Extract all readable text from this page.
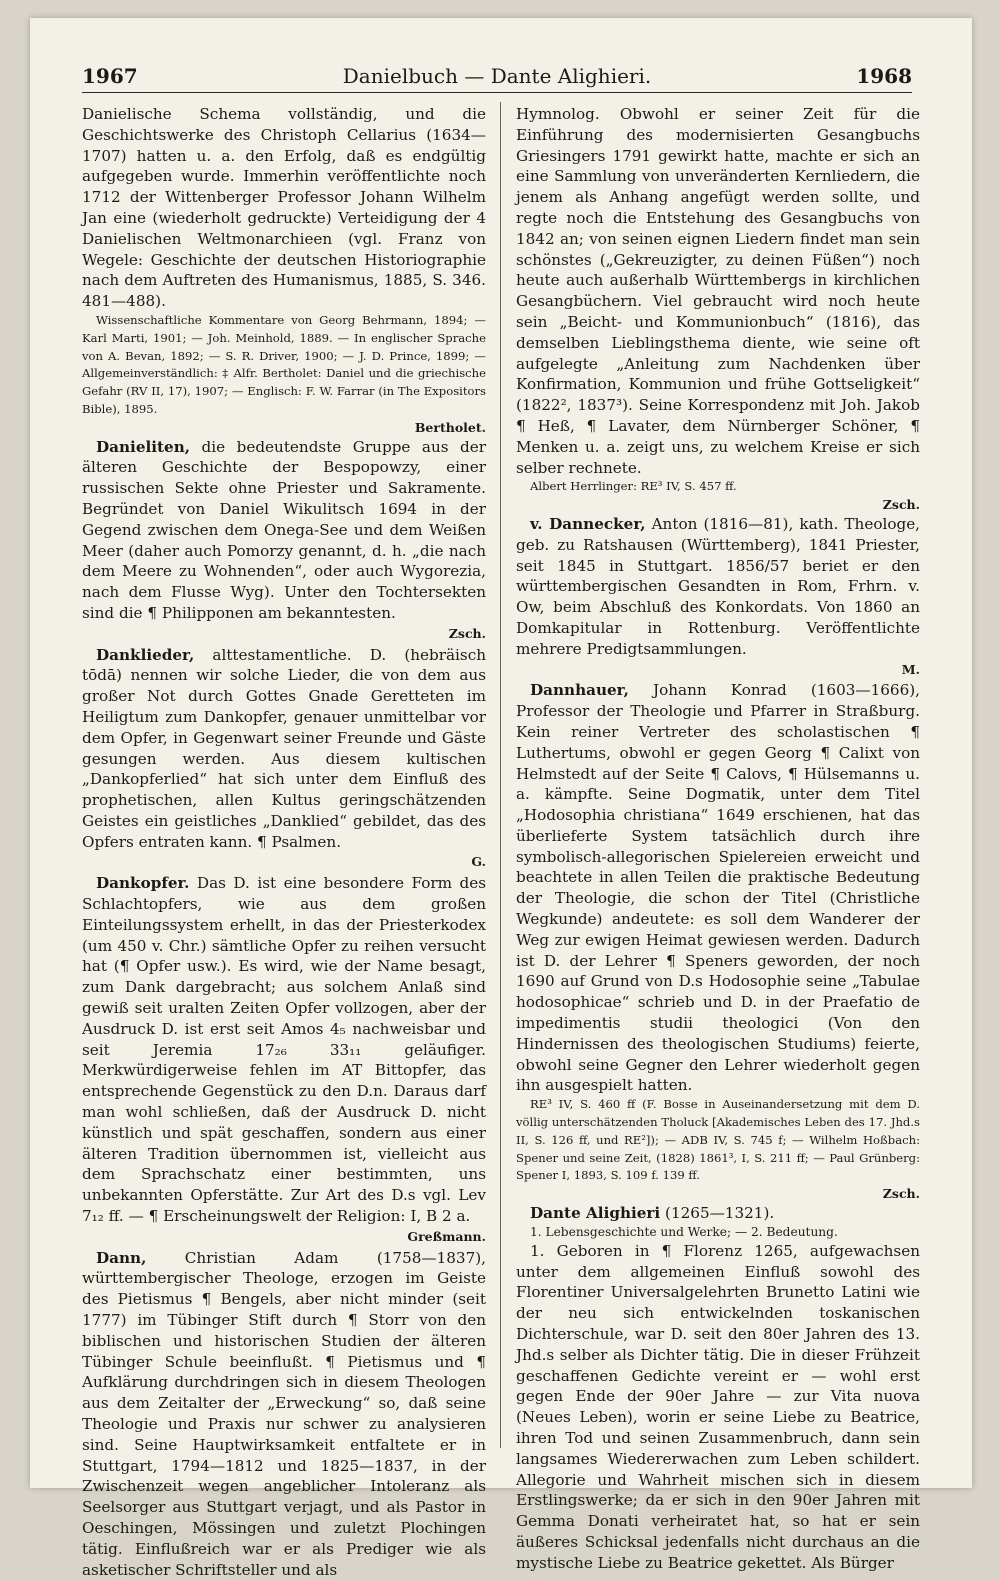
1967	Danielbuch — Dante Alighieri.	1968

Danielische Schema vollständig, und die Geschichtswerke des Christoph Cellarius (1634—1707) hatten u. a. den Erfolg, daß es endgültig aufgegeben wurde. Immerhin veröffentlichte noch 1712 der Wittenberger Professor Johann Wilhelm Jan eine (wiederholt gedruckte) Verteidigung der 4 Danielischen Weltmonarchieen (vgl. Franz von Wegele: Geschichte der deutschen Historiographie nach dem Auftreten des Humanismus, 1885, S. 346. 481—488).

Wissenschaftliche Kommentare von Georg Behrmann, 1894; — Karl Marti, 1901; — Joh. Meinhold, 1889. — In englischer Sprache von A. Bevan, 1892; — S. R. Driver, 1900; — J. D. Prince, 1899; — Allgemeinverständlich: ‡ Alfr. Bertholet: Daniel und die griechische Gefahr (RV II, 17), 1907; — Englisch: F. W. Farrar (in The Expositors Bible), 1895.
Bertholet.

Danieliten, die bedeutendste Gruppe aus der älteren Geschichte der Bespopowzy, einer russischen Sekte ohne Priester und Sakramente. Begründet von Daniel Wikulitsch 1694 in der Gegend zwischen dem Onega-See und dem Weißen Meer (daher auch Pomorzy genannt, d. h. „die nach dem Meere zu Wohnenden“, oder auch Wygorezia, nach dem Flusse Wyg). Unter den Tochtersekten sind die ¶ Philipponen am bekanntesten.
Zsch.

Danklieder, alttestamentliche. D. (hebräisch tōdā) nennen wir solche Lieder, die von dem aus großer Not durch Gottes Gnade Geretteten im Heiligtum zum Dankopfer, genauer unmittelbar vor dem Opfer, in Gegenwart seiner Freunde und Gäste gesungen werden. Aus diesem kultischen „Dankopferlied“ hat sich unter dem Einfluß des prophetischen, allen Kultus geringschätzenden Geistes ein geistliches „Danklied“ gebildet, das des Opfers entraten kann. ¶ Psalmen.
G.

Dankopfer. Das D. ist eine besondere Form des Schlachtopfers, wie aus dem großen Einteilungssystem erhellt, in das der Priesterkodex (um 450 v. Chr.) sämtliche Opfer zu reihen versucht hat (¶ Opfer usw.). Es wird, wie der Name besagt, zum Dank dargebracht; aus solchem Anlaß sind gewiß seit uralten Zeiten Opfer vollzogen, aber der Ausdruck D. ist erst seit Amos 4₅ nachweisbar und seit Jeremia 17₂₆ 33₁₁ geläufiger. Merkwürdigerweise fehlen im AT Bittopfer, das entsprechende Gegenstück zu den D.n. Daraus darf man wohl schließen, daß der Ausdruck D. nicht künstlich und spät geschaffen, sondern aus einer älteren Tradition übernommen ist, vielleicht aus dem Sprachschatz einer bestimmten, uns unbekannten Opferstätte. Zur Art des D.s vgl. Lev 7₁₂ ff. — ¶ Erscheinungswelt der Religion: I, B 2 a.
Greßmann.

Dann,	Christian Adam (1758—1837), württembergischer Theologe, erzogen im Geiste des Pietismus ¶ Bengels, aber nicht minder (seit 1777) im Tübinger Stift durch ¶ Storr von den biblischen und historischen Studien der älteren Tübinger Schule beeinflußt. ¶ Pietismus und ¶ Aufklärung durchdringen sich in diesem Theologen aus dem Zeitalter der „Erweckung“ so, daß seine Theologie und Praxis nur schwer zu analysieren sind. Seine Hauptwirksamkeit entfaltete er in Stuttgart, 1794—1812 und 1825—1837, in der Zwischenzeit wegen angeblicher Intoleranz als Seelsorger aus Stuttgart verjagt, und als Pastor in Oeschingen, Mössingen und zuletzt Plochingen tätig. Einflußreich war er als Prediger wie als asketischer Schriftsteller und als

Hymnolog. Obwohl er seiner Zeit für die Einführung des modernisierten Gesangbuchs Griesingers 1791 gewirkt hatte, machte er sich an eine Sammlung von unveränderten Kernliedern, die jenem als Anhang angefügt werden sollte, und regte noch die Entstehung des Gesangbuchs von 1842 an; von seinen eignen Liedern findet man sein schönstes („Gekreuzigter, zu deinen Füßen“) noch heute auch außerhalb Württembergs in kirchlichen Gesangbüchern. Viel gebraucht wird noch heute sein „Beicht- und Kommunionbuch“ (1816), das demselben Lieblingsthema diente, wie seine oft aufgelegte „Anleitung zum Nachdenken über Konfirmation, Kommunion und frühe Gottseligkeit“ (1822², 1837³). Seine Korrespondenz mit Joh. Jakob ¶ Heß, ¶ Lavater, dem Nürnberger Schöner, ¶ Menken u. a. zeigt uns, zu welchem Kreise er sich selber rechnete.

Albert Herrlinger: RE³ IV, S. 457 ff.
Zsch.

v. Dannecker, Anton (1816—81), kath. Theologe, geb. zu Ratshausen (Württemberg), 1841 Priester, seit 1845 in Stuttgart. 1856/57 beriet er den württembergischen Gesandten in Rom, Frhrn. v. Ow, beim Abschluß des Konkordats. Von 1860 an Domkapitular in Rottenburg. Veröffentlichte mehrere Predigtsammlungen.
M.

Dannhauer, Johann Konrad (1603—1666), Professor der Theologie und Pfarrer in Straßburg. Kein reiner Vertreter des scholastischen ¶ Luthertums, obwohl er gegen Georg ¶ Calixt von Helmstedt auf der Seite ¶ Calovs, ¶ Hülsemanns u. a. kämpfte. Seine Dogmatik, unter dem Titel „Hodosophia christiana“ 1649 erschienen, hat das überlieferte System tatsächlich durch ihre symbolisch-allegorischen Spielereien erweicht und beachtete in allen Teilen die praktische Bedeutung der Theologie, die schon der Titel (Christliche Wegkunde) andeutete: es soll dem Wanderer der Weg zur ewigen Heimat gewiesen werden. Dadurch ist D. der Lehrer ¶ Speners geworden, der noch 1690 auf Grund von D.s Hodosophie seine „Tabulae hodosophicae“ schrieb und D. in der Praefatio de impedimentis studii theologici (Von den Hindernissen des theologischen Studiums) feierte, obwohl seine Gegner den Lehrer wiederholt gegen ihn ausgespielt hatten.

RE³ IV, S. 460 ff (F. Bosse in Auseinandersetzung mit dem D. völlig unterschätzenden Tholuck [Akademisches Leben des 17. Jhd.s II, S. 126 ff, und RE²]); — ADB IV, S. 745 f; — Wilhelm Hoßbach: Spener und seine Zeit, (1828) 1861³, I, S. 211 ff; — Paul Grünberg: Spener I, 1893, S. 109 f. 139 ff.
Zsch.

Dante Alighieri (1265—1321).

1. Lebensgeschichte und Werke; — 2. Bedeutung.

1. Geboren in ¶ Florenz 1265, aufgewachsen unter dem allgemeinen Einfluß sowohl des Florentiner Universalgelehrten Brunetto Latini wie der neu sich entwickelnden toskanischen Dichterschule, war D. seit den 80er Jahren des 13. Jhd.s selber als Dichter tätig. Die in dieser Frühzeit geschaffenen Gedichte vereint er — wohl erst gegen Ende der 90er Jahre — zur Vita nuova (Neues Leben), worin er seine Liebe zu Beatrice, ihren Tod und seinen Zusammenbruch, dann sein langsames Wiedererwachen zum Leben schildert. Allegorie und Wahrheit mischen sich in diesem Erstlingswerke; da er sich in den 90er Jahren mit Gemma Donati verheiratet hat, so hat er sein äußeres Schicksal jedenfalls nicht durchaus an die mystische Liebe zu Beatrice gekettet. Als Bürger
